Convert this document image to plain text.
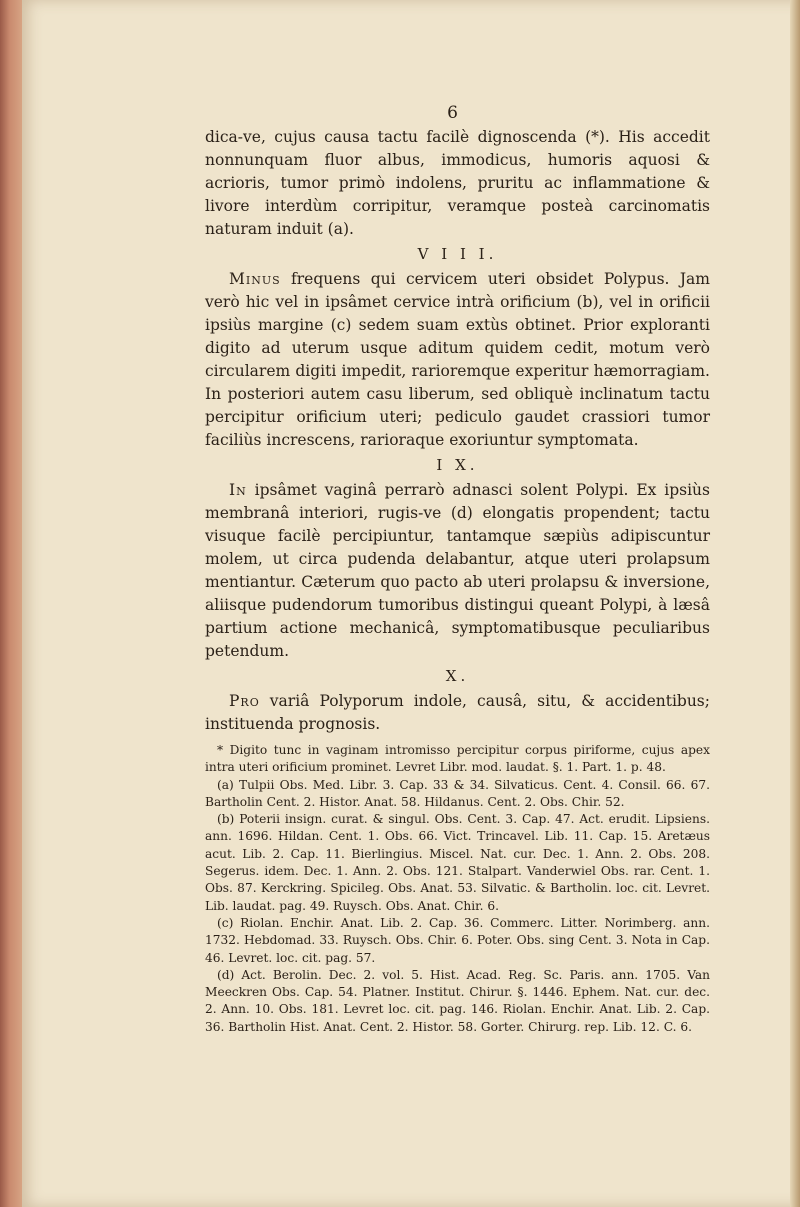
6

dica-ve, cujus causa tactu facilè dignoscenda (*). His accedit nonnunquam fluor albus, immodicus, humoris aquosi & acrioris, tumor primò indolens, pruritu ac inflammatione & livore interdùm corripitur, veramque posteà carcinomatis naturam induit (a).

V I I I.

Minus frequens qui cervicem uteri obsidet Polypus. Jam verò hic vel in ipsâmet cervice intrà orificium (b), vel in orificii ipsiùs margine (c) sedem suam extùs obtinet. Prior exploranti digito ad uterum usque aditum quidem cedit, motum verò circularem digiti impedit, rarioremque experitur hæmorragiam. In posteriori autem casu liberum, sed obliquè inclinatum tactu percipitur orificium uteri; pediculo gaudet crassiori tumor faciliùs increscens, rarioraque exoriuntur symptomata.

I X.

In ipsâmet vaginâ perrarò adnasci solent Polypi. Ex ipsiùs membranâ interiori, rugis-ve (d) elongatis propendent; tactu visuque facilè percipiuntur, tantamque sæpiùs adipiscuntur molem, ut circa pudenda delabantur, atque uteri prolapsum mentiantur. Cæterum quo pacto ab uteri prolapsu & inversione, aliisque pudendorum tumoribus distingui queant Polypi, à læsâ partium actione mechanicâ, symptomatibusque peculiaribus petendum.

X.

Pro variâ Polyporum indole, causâ, situ, & accidentibus; instituenda prognosis.

* Digito tunc in vaginam intromisso percipitur corpus piriforme, cujus apex intra uteri orificium prominet. Levret Libr. mod. laudat. §. 1. Part. 1. p. 48.

(a) Tulpii Obs. Med. Libr. 3. Cap. 33 & 34. Silvaticus. Cent. 4. Consil. 66. 67. Bartholin Cent. 2. Histor. Anat. 58. Hildanus. Cent. 2. Obs. Chir. 52.

(b) Poterii insign. curat. & singul. Obs. Cent. 3. Cap. 47. Act. erudit. Lipsiens. ann. 1696. Hildan. Cent. 1. Obs. 66. Vict. Trincavel. Lib. 11. Cap. 15. Aretæus acut. Lib. 2. Cap. 11. Bierlingius. Miscel. Nat. cur. Dec. 1. Ann. 2. Obs. 208. Segerus. idem. Dec. 1. Ann. 2. Obs. 121. Stalpart. Vanderwiel Obs. rar. Cent. 1. Obs. 87. Kerckring. Spicileg. Obs. Anat. 53. Silvatic. & Bartholin. loc. cit. Levret. Lib. laudat. pag. 49. Ruysch. Obs. Anat. Chir. 6.

(c) Riolan. Enchir. Anat. Lib. 2. Cap. 36. Commerc. Litter. Norimberg. ann. 1732. Hebdomad. 33. Ruysch. Obs. Chir. 6. Poter. Obs. sing Cent. 3. Nota in Cap. 46. Levret. loc. cit. pag. 57.

(d) Act. Berolin. Dec. 2. vol. 5. Hist. Acad. Reg. Sc. Paris. ann. 1705. Van Meeckren Obs. Cap. 54. Platner. Institut. Chirur. §. 1446. Ephem. Nat. cur. dec. 2. Ann. 10. Obs. 181. Levret loc. cit. pag. 146. Riolan. Enchir. Anat. Lib. 2. Cap. 36. Bartholin Hist. Anat. Cent. 2. Histor. 58. Gorter. Chirurg. rep. Lib. 12. C. 6.
